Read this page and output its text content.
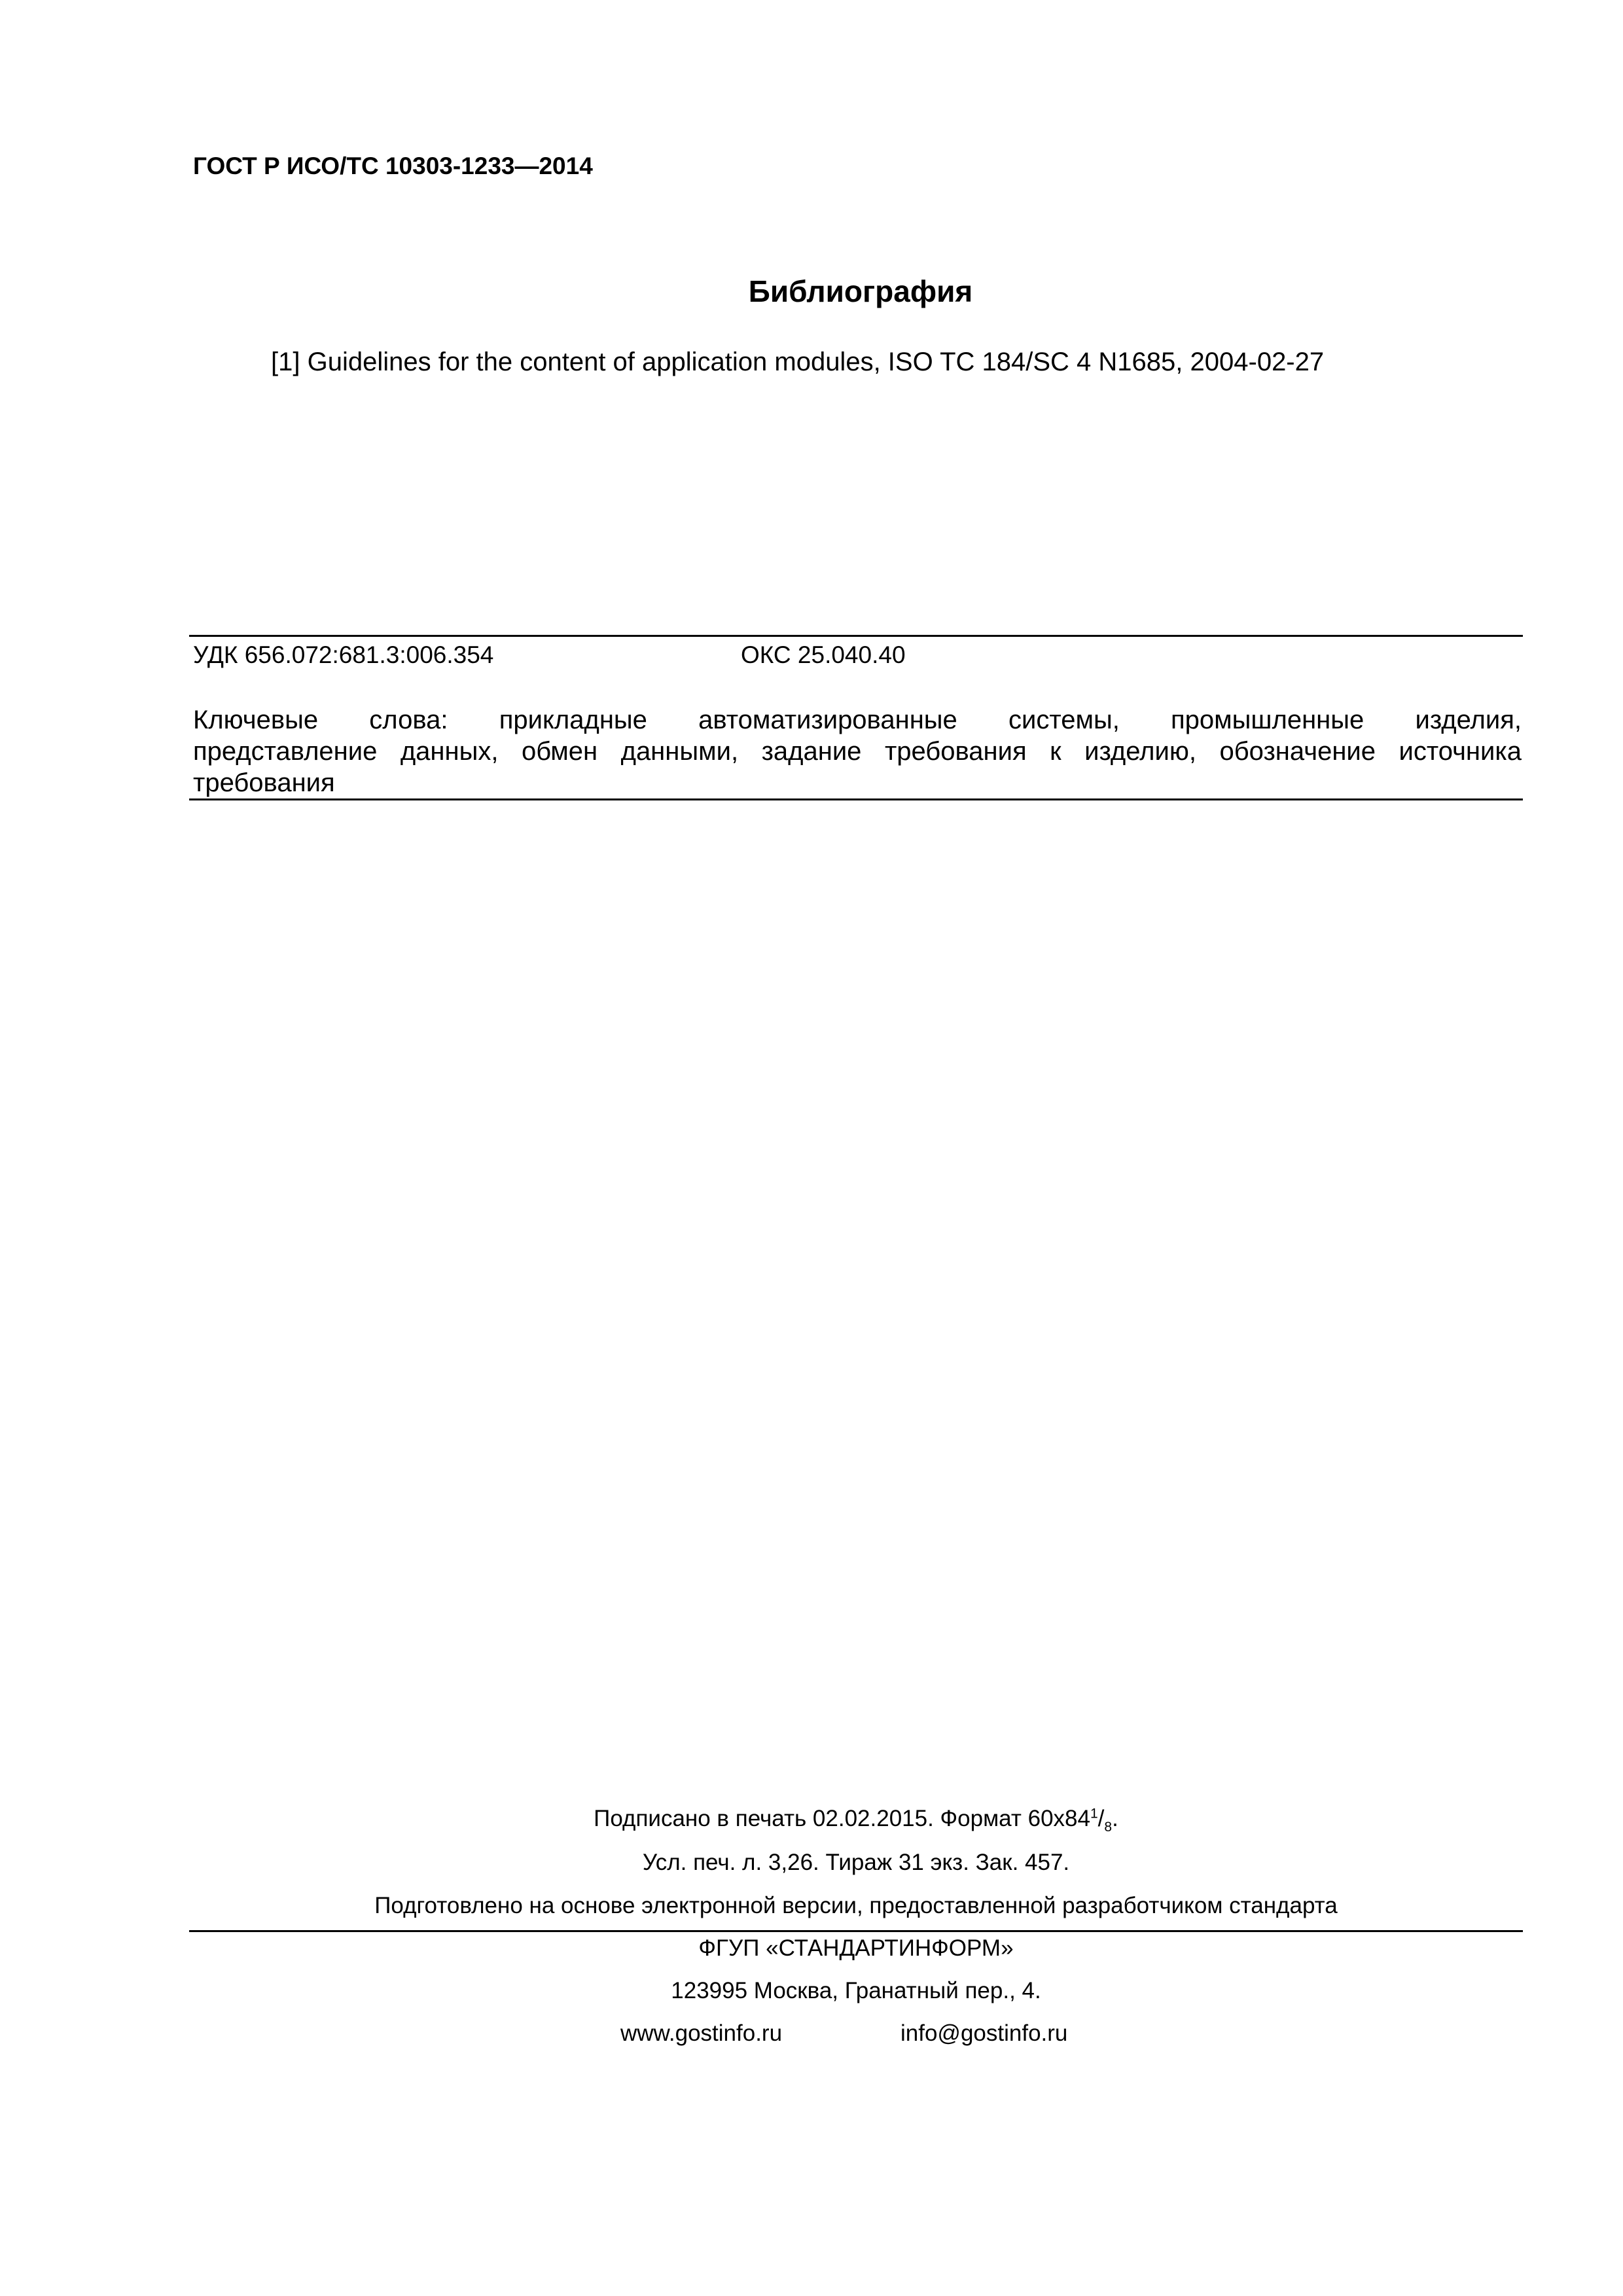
ГОСТ Р ИСО/ТС 10303-1233—2014
Библиография
[1] Guidelines for the content of application modules, ISO TC 184/SC 4 N1685, 2004-02-27
УДК 656.072:681.3:006.354	ОКС 25.040.40
Ключевые слова: прикладные автоматизированные системы, промышленные изделия,
представление данных, обмен данными, задание требования к изделию, обозначение источника
требования
Подписано в печать 02.02.2015. Формат $60x84^1/_8$.
Усл. печ. л. 3,26. Тираж 31 экз. Зак. 457.
Подготовлено на основе электронной версии, предоставленной разработчиком стандарта
ФГУП «СТАНДАРТИНФОРМ»
123995 Москва, Гранатный пер., 4.
www.gostinfo.ru	info@gostinfo.ru
